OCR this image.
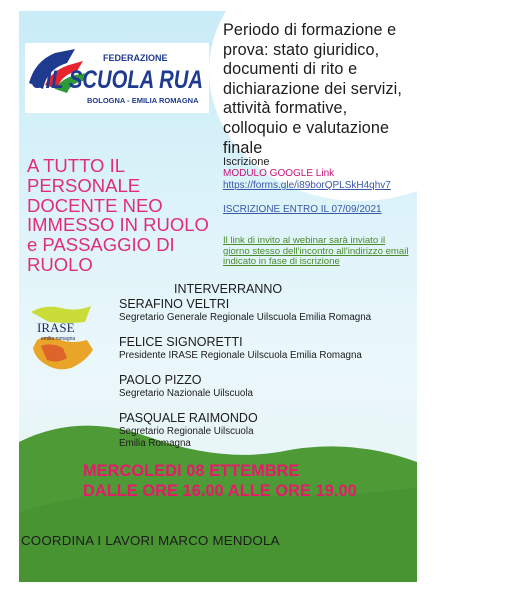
FEDERAZIONE
UIL SCUOLA RUA
BOLOGNA - EMILIA ROMAGNA
Periodo di formazione e prova: stato giuridico, documenti di rito e dichiarazione dei servizi, attività formative, colloquio e valutazione finale
Iscrizione
MODULO GOOGLE Link
https://forms.gle/i89borQPLSkH4qhv7
ISCRIZIONE ENTRO IL 07/09/2021
Il link di invito al webinar sarà inviato il giorno stesso dell'incontro all'indirizzo email indicato in fase di iscrizione
A TUTTO IL PERSONALE DOCENTE NEO IMMESSO IN RUOLO e PASSAGGIO DI RUOLO
INTERVERRANNO
IRASE
emilia romagna
SERAFINO VELTRI
Segretario Generale Regionale Uilscuola Emilia Romagna
FELICE SIGNORETTI
Presidente IRASE Regionale Uilscuola Emilia Romagna
PAOLO PIZZO
Segretario Nazionale Uilscuola
PASQUALE RAIMONDO
Segretario Regionale Uilscuola
Emilia Romagna
MERCOLEDI 08 ETTEMBRE
DALLE ORE 16.00 ALLE ORE 19.00
COORDINA I LAVORI MARCO MENDOLA
